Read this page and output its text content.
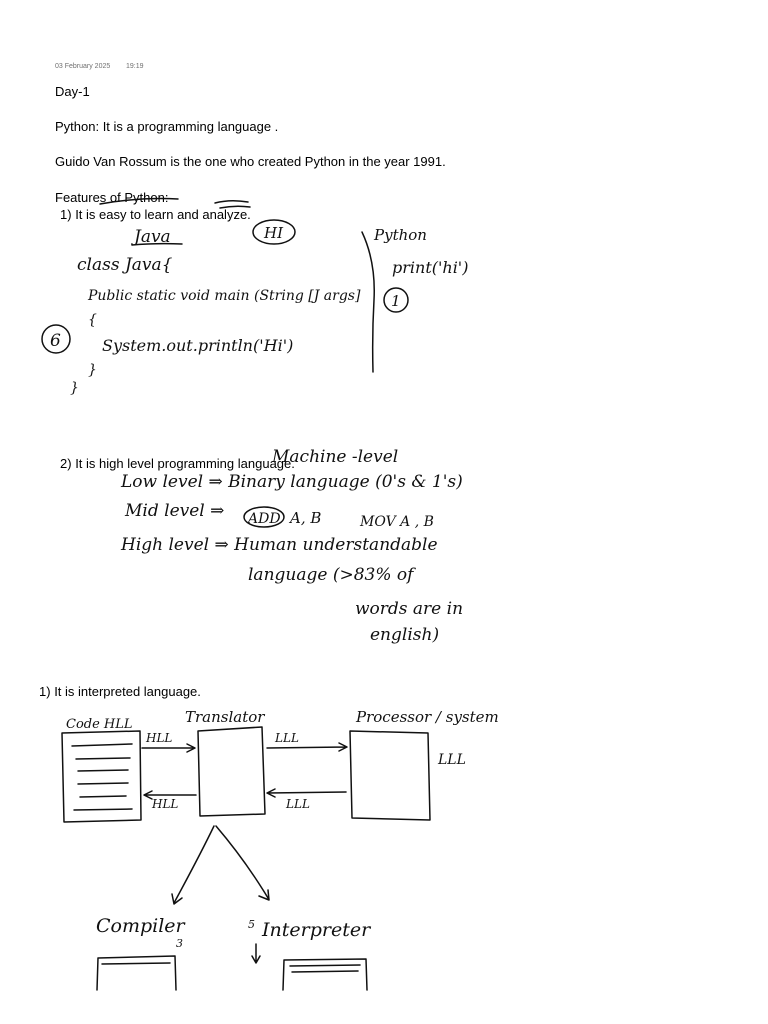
03 February 2025 19:19
Day-1
Python: It is a programming language .
Guido Van Rossum is the one who created Python in the year 1991.
Features of Python:
1) It is easy to learn and analyze.
2) It is high level programming language.
1) It is interpreted language.
Java	HI
class Java{
Public static void main (String [J args]
{
6	System.out.println('Hi')
}
}
Python
print('hi')
1
Machine -level
Low level ⇒ Binary language (0's & 1's)
Mid level ⇒ ADD A, B	MOV A , B
High level ⇒ Human understandable
language (>83% of
words are in
english)
Code HLL	Translator	Processor / system
HLL	LLL
LLL
LLL
HLL
Compiler
3
5 Interpreter
